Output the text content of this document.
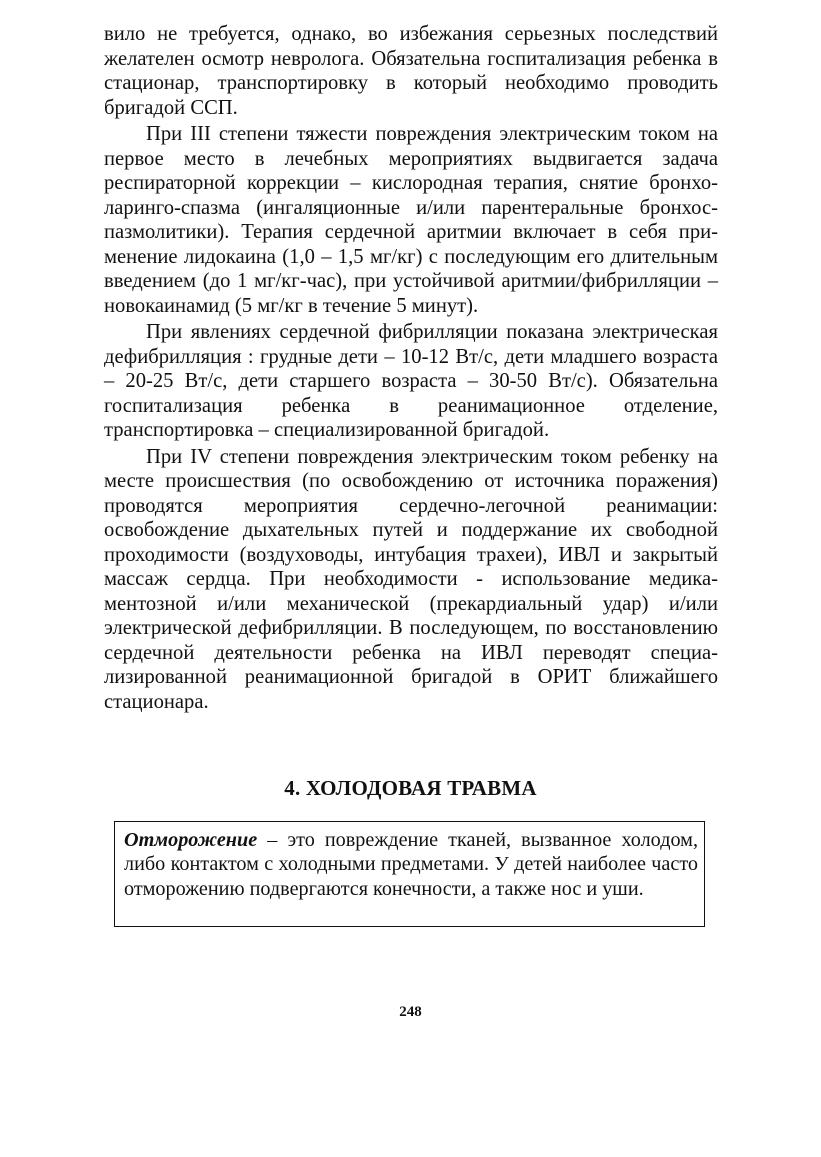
вило не требуется, однако, во избежания серьезных последствий желателен осмотр невролога. Обязательна госпитализация ребенка в стационар, транспортировку в который необходимо проводить бригадой ССП.

При III степени тяжести повреждения электрическим током на первое место в лечебных мероприятиях выдвигается задача респираторной коррекции – кислородная терапия, снятие бронхоларинго-спазма (ингаляционные и/или парентеральные бронхоспазмолитики). Терапия сердечной аритмии включает в себя применение лидокаина (1,0 – 1,5 мг/кг) с последующим его длительным введением (до 1 мг/кг-час), при устойчивой аритмии/фибрилляции – новокаинамид (5 мг/кг в течение 5 минут).

При явлениях сердечной фибрилляции показана электрическая дефибрилляция : грудные дети – 10-12 Вт/с, дети младшего возраста – 20-25 Вт/с, дети старшего возраста – 30-50 Вт/с). Обязательна госпитализация ребенка в реанимационное отделение, транспортировка – специализированной бригадой.

При IV степени повреждения электрическим током ребенку на месте происшествия (по освобождению от источника поражения) проводятся мероприятия сердечно-легочной реанимации: освобождение дыхательных путей и поддержание их свободной проходимости (воздуховоды, интубация трахеи), ИВЛ и закрытый массаж сердца. При необходимости - использование медикаментозной и/или механической (прекардиальный удар) и/или электрической дефибрилляции. В последующем, по восстановлению сердечной деятельности ребенка на ИВЛ переводят специализированной реанимационной бригадой в ОРИТ ближайшего стационара.

4. ХОЛОДОВАЯ ТРАВМА

Отморожение – это повреждение тканей, вызванное холодом, либо контактом с холодными предметами. У детей наиболее часто отморожению подвергаются конечности, а также нос и уши.

248
